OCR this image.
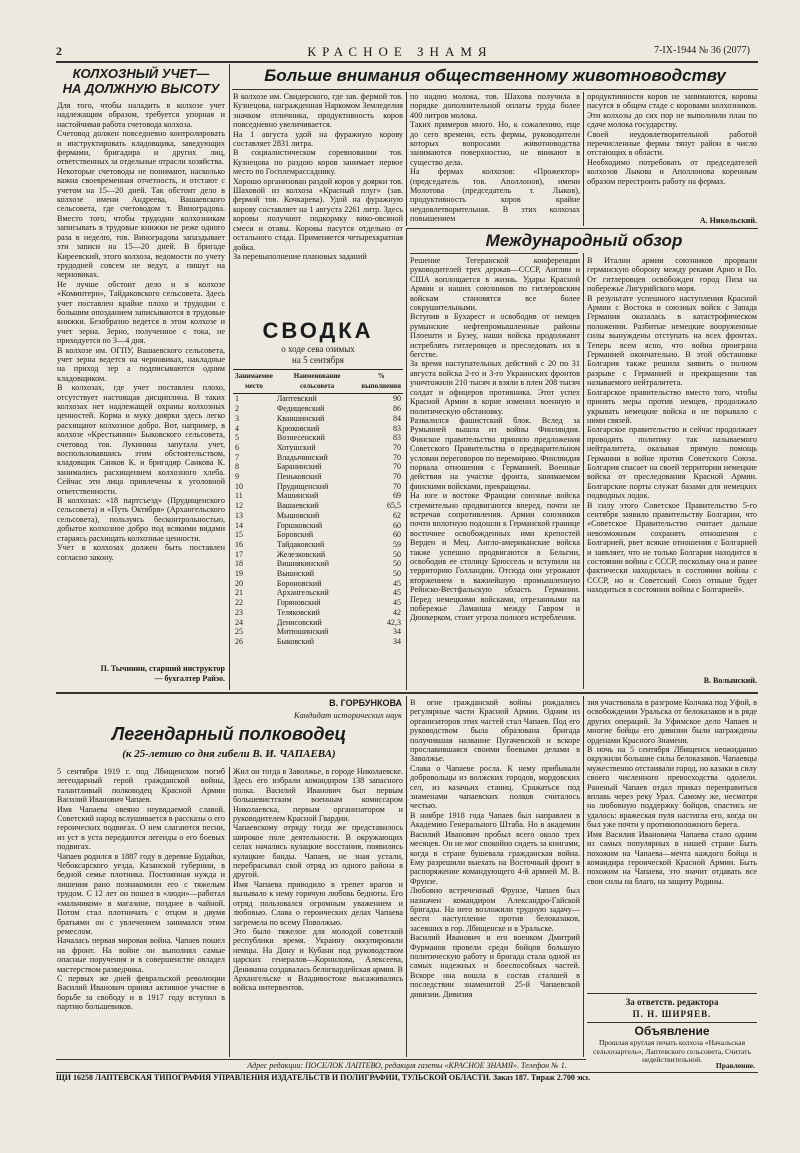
2	КРАСНОЕ ЗНАМЯ	7-IX-1944 № 36 (2077)
КОЛХОЗНЫЙ УЧЕТ—
НА ДОЛЖНУЮ ВЫСОТУ
Для того, чтобы наладить в колхозе учет надлежащим образом, требуется упорная и настойчивая работа счетовода колхоза.
Счетовод должен повседневно контролировать и инструктировать кладовщика, заведующих фермами, бригадира и других лиц, ответственных за отдельные отрасли хозяйства.
Некоторые счетоводы не понимают, насколько важна своевременная отчетность, и отстают с учетом на 15—20 дней. Так обстоит дело в колхозе имени Андреева, Вашаевского сельсовета, где счетоводом т. Виноградова. Вместо того, чтобы трудодни колхозникам записывать в трудовые книжки не реже одного раза в неделю, тов. Виноградова запаздывает эти записи на 15—20 дней. В бригаде Киреевский, этого колхоза, ведомости по учету трудодней совсем не ведут, а пишут на черновиках.
Не лучше обстоит дело и в колхозе «Коминтерн», Тайдаковского сельсовета. Здесь учет поставлен крайне плохо и трудодни с большим опозданием записываются в трудовые книжки. Безобразно ведется в этом колхозе и учет зерна. Зерно, полученное с тока, не приходуется по 3—4 дня.
В колхозе им. ОГПУ, Вашаевского сельсовета, учет зерна ведется на черновиках, накладные на приход зер а подписываются одним кладовщиком.
В колхозах, где учет поставлен плохо, отсутствует настоящая дисциплина. В таких колхозах нет надлежащей охраны колхозных ценностей. Корма и муку доярки здесь легко расхищают колхозное добро. Вот, например, в колхозе «Крестьянин» Быковского сельсовета, счетовод тов. Лукинина запутала учет, воспользовавшись этим обстоятельством, кладовщик Санков К. и бригадир Санкова К. занимались расхищением колхозного хлеба. Сейчас эти лица привлечены к уголовной ответственности.
В колхозах: «18 партсъезд» (Прудищенского сельсовета) и «Путь Октября» (Архангельского сельсовета), пользуясь бесконтрольностью, добытое колхозное добро под всякими видами стараясь расхищать колхозные ценности.
Учет в колхозах должен быть поставлен согласно закону.
П. Тычинин, старший инструктор
— бухгалтер Райзо.
Больше внимания общественному животноводству
В колхозе им. Свидерского, где зав. фермой тов. Кузнецова, награжденная Наркомом Земледелия значком отличника, продуктивность коров повседневно увеличивается.
На 1 августа удой на фуражную корову составляет 2831 литра.
В социалистическом соревновании тов. Кузнецова по раздою коров занимает первое место по Госплемрассаднику.
Хорошо организован раздой коров у доярки тов. Шаховой из колхоза «Красный плуг» (зав. фермой тов. Кочкарева). Удой на фуражную корову составляет на 1 августа 2261 литр. Здесь коровы получают подкормку вико-овсяной смеси и отавы. Коровы пасутся отдельно от остального стада. Применяется четырехкратная дойка.
За перевыполнение плановых заданий
по надою молока, тов. Шахова получила в порядке дополнительной оплаты труда более 400 литров молока.
Таких примеров много. Но, к сожалению, еще до сего времени, есть фермы, руководители которых вопросами животноводства занимаются поверхностно, не вникают в существо дела.
На фермах колхозов: «Прожектор» (председатель тов. Аполлонов), имени Молотова (председатель т. Лыков), продуктивность коров крайне неудовлетворительная. В этих колхозах повышением
продуктивности коров не занимаются, коровы пасутся в общем стаде с коровами колхозников. Эти колхозы до сих пор не выполнили план по сдаче молока государству.
Своей неудовлетворительной работой перечисленные фермы тянут район в число отстающих в области.
Необходимо потребовать от председателей колхозов Лыкова и Аполлонова коренным образом перестроить работу на фермах.
А. Никольский.
СВОДКА
о ходе сева озимых
на 5 сентября
Занимаемое место	Наименование сельсовета	% выполнения
1	Лаптевский	90
2	Федищевский	86
3	Кваншинский	84
4	Крюковский	83
5	Вознесенский	83
6	Хотушский	70
7	Владычинский	70
8	Баранинский	70
9	Пеньковский	70
10	Прудищенский	70
11	Машинский	69
12	Вашаевский	65,5
13	Мышовский	62
14	Горшковский	60
15	Боровский	60
16	Тайдаковский	59
17	Железковский	50
18	Вишнякинский	50
19	Вышнский	50
20	Бороновский	45
21	Архангельский	45
22	Горяновский	45
23	Теляковский	42
24	Денисовский	42,3
25	Митюшинский	34
26	Быковский	34
Международный обзор
Решение Тегеранской конференции руководителей трех держав—СССР, Англии и США воплощается в жизнь. Удары Красной Армии и наших союзников по гитлеровским войскам становятся все более сокрушительными.
Вступив в Бухарест и освободив от немцев румынские нефтепромышленные районы Плоешти и Бузеу, наши войска продолжают истреблять гитлеровцев и преследовать их в бегстве.
За время наступательных действий с 20 по 31 августа войска 2-го и 3-го Украинских фронтов уничтожили 210 тысяч и взяли в плен 208 тысяч солдат и офицеров противника. Этот успех Красной Армии в корне изменил военную и политическую обстановку.
Развалился фашистский блок. Вслед за Румынией вышла из войны Финляндия. Финское правительство приняло предложения Советского Правительства о предварительном условии переговоров по перемирию. Финляндия порвала отношения с Германией. Военные действия на участке фронта, занимаемом финскими войсками, прекращены.
На юге и востоке Франции союзные войска стремительно продвигаются вперед, почти не встречая сопротивления. Армии союзников почти вплотную подошли к Германской границе восточнее освобожденных ими крепостей Верден и Мец. Англо-американские войска также успешно продвигаются в Бельгии, освободив ее столицу Брюссель и вступили на территорию Голландии. Отсюда они угрожают вторжением в важнейшую промышленную Рейнско-Вестфальскую область Германии. Перед немецкими войсками, отрезанными на побережье Ламанша между Гавром и Дюнкерком, стоит угроза полного истребления.
В Италии армии союзников прорвали германскую оборону между реками Арно и По. От гитлеровцев освобожден город Пиза на побережье Лигурийского моря.
В результате успешного наступления Красной Армии с Востока и союзных войск с Запада Германия оказалась в катастрофическом положении. Разбитые немецкие вооруженные силы вынуждены отступать на всех фронтах. Теперь всем ясно, что война проиграна Германией окончательно. В этой обстановке Болгария также решила заявить о полном разрыве с Германией и прекращении так называемого нейтралитета.
Болгарское правительство вместо того, чтобы принять меры против немцев, продолжало укрывать немецкие войска и не порывало с ними связей.
Болгарское правительство и сейчас продолжает проводить политику так называемого нейтралитета, оказывая прямую помощь Германии в войне против Советского Союза. Болгария спасает на своей территории немецкие войска от преследования Красной Армии. Болгарские порты служат базами для немецких подводных лодок.
В силу этого Советское Правительство 5-го сентября заявило правительству Болгарии, что «Советское Правительство считает дальше невозможным сохранять отношения с Болгарией, рвет всякие отношения с Болгарией и заявляет, что не только Болгария находится в состоянии войны с СССР, поскольку она и ранее фактически находилась в состоянии войны с СССР, но и Советский Союз отныне будет находиться в состоянии войны с Болгарией».
В. Волынский.
В. ГОРБУНКОВА
Кандидат исторических наук
Легендарный полководец
(к 25-летию со дня гибели В. И. ЧАПАЕВА)
5 сентября 1919 г. под Лбищенском погиб легендарный герой гражданской войны, талантливый полководец Красной Армии Василий Иванович Чапаев.
Имя Чапаева овеяно неувядаемой славой. Советский народ вслушивается в рассказы о его героических подвигах. О нем слагаются песни, из уст в уста передаются легенды о его боевых подвигах.
Чапаев родился в 1887 году в деревне Будайки, Чебоксарского уезда, Казанской губернии, в бедной семье плотника. Постоянная нужда и лишения рано познакомили его с тяжелым трудом. С 12 лет он пошел в «люди»—работал «мальчиком» в магазине, позднее в чайной. Потом стал плотничать с отцом и двумя братьями он с увлечением занимался этим ремеслом.
Началась первая мировая война. Чапаев пошел на фронт. На войне он выполнял самые опасные поручения и в совершенстве овладел мастерством разведчика.
С первых же дней февральской революции Василий Иванович принял активное участие в борьбе за свободу и в 1917 году вступил в партию большевиков.
Жил он тогда в Заволжье, в городе Николаевске. Здесь его избрали командиром 138 запасного полка. Василий Иванович был первым большевистским военным комиссаром Николаевска, первым организатором и руководителем Красной Гвардии.
Чапаевскому отряду тогда же представилось широкое поле деятельности. В окружающих селах начались кулацкие восстания, появились кулацкие банды. Чапаев, не зная устали, перебрасывал свой отряд из одного района в другой.
Имя Чапаева приводило в трепет врагов и вызывало к нему горячую любовь бедноты. Его отряд пользовался огромным уважением и любовью. Слава о героических делах Чапаева загремела по всему Поволжью.
Это было тяжелое для молодой советской республики время. Украину оккупировали немцы. На Дону и Кубани под руководством царских генералов—Корнилова, Алексеева, Деникина создавалась белогвардейская армия. В Архангельске и Владивостоке высаживались войска интервентов.
В огне гражданской войны рождались регулярные части Красной Армии. Одним из организаторов этих частей стал Чапаев. Под его руководством была образована бригада получившая название Пугачевской и вскоре прославившаяся своими боевыми делами в Заволжье.
Слава о Чапаеве росла. К нему прибывали добровольцы из волжских городов, мордовских сел, из казачьих станиц. Сражаться под знаменами чапаевских полков считалось честью.
В ноябре 1918 года Чапаев был направлен в Академию Генерального Штаба. Но в академии Василий Иванович пробыл всего около трех месяцев. Он не мог спокойно сидеть за книгами, когда в стране бушевала гражданская война. Ему разрешили выехать на Восточный фронт в распоряжение командующего 4-й армией М. В. Фрунзе.
Любовно встреченный Фрунзе, Чапаев был назначен командиром Александро-Гайской бригады. На него возложили трудную задачу—вести наступление против белоказаков, засевших в гор. Лбищенске и в Уральске.
Василий Иванович и его военком Дмитрий Фурманов провели среди бойцов большую политическую работу и бригада стала одной из самых надежных и боеспособных частей. Вскоре она вошла в состав сталшей в последствии знаменитой 25-й Чапаевской дивизии. Дивизия
зия участвовала в разгроме Колчака под Уфой, в освобождении Уральска от белоказаков и в ряде других операций. За Уфимское дело Чапаев и многие бойцы его дивизии были награждены орденами Красного Знамени.
В ночь на 5 сентября Лбищенск неожиданно окружили большие силы белоказаков. Чапаевцы мужественно отстаивали город, но казаки в силу своего численного превосходства одолели. Раненый Чапаев отдал приказ переправиться вплавь через реку Урал. Самому же, несмотря на любовную поддержку бойцов, спастись не удалось: вражеская пуля настигла его, когда он был уже почти у противоположного берега.
Имя Василия Ивановича Чапаева стало одним из самых популярных в нашей стране Быть похожим на Чапаева—мечта каждого бойца и командира героической Красной Армии. Быть похожим на Чапаева, это значит отдавать все свои силы на благо, на защиту Родины.
За ответств. редактора
П. Н. ШИРЯЕВ.
Объявление
Прошлая круглая печать колхоза «Начальская сельхозартель», Лаптевского сельсовета, Считать недействительной.
Правление.
Адрес редакции: ПОСЕЛОК ЛАПТЕВО, редакция газеты «КРАСНОЕ ЗНАМЯ». Телефон № 1.
ЩИ 16258 ЛАПТЕВСКАЯ ТИПОГРАФИЯ УПРАВЛЕНИЯ ИЗДАТЕЛЬСТВ И ПОЛИГРАФИИ, ТУЛЬСКОЙ ОБЛАСТИ. Заказ 187. Тираж 2.700 экз.
